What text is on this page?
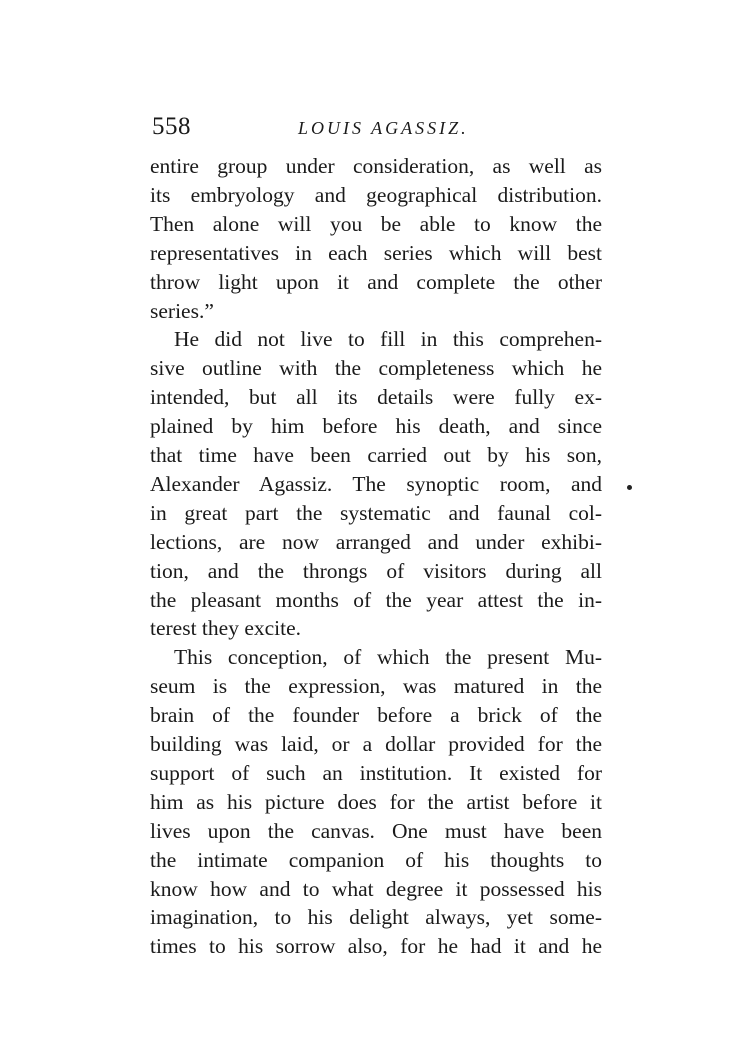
558	LOUIS AGASSIZ.
entire group under consideration, as well as
its embryology and geographical distribution.
Then alone will you be able to know the
representatives in each series which will best
throw light upon it and complete the other
series.”
He did not live to fill in this comprehen-
sive outline with the completeness which he
intended, but all its details were fully ex-
plained by him before his death, and since
that time have been carried out by his son,
Alexander Agassiz. The synoptic room, and
in great part the systematic and faunal col-
lections, are now arranged and under exhibi-
tion, and the throngs of visitors during all
the pleasant months of the year attest the in-
terest they excite.
This conception, of which the present Mu-
seum is the expression, was matured in the
brain of the founder before a brick of the
building was laid, or a dollar provided for the
support of such an institution. It existed for
him as his picture does for the artist before it
lives upon the canvas. One must have been
the intimate companion of his thoughts to
know how and to what degree it possessed his
imagination, to his delight always, yet some-
times to his sorrow also, for he had it and he
